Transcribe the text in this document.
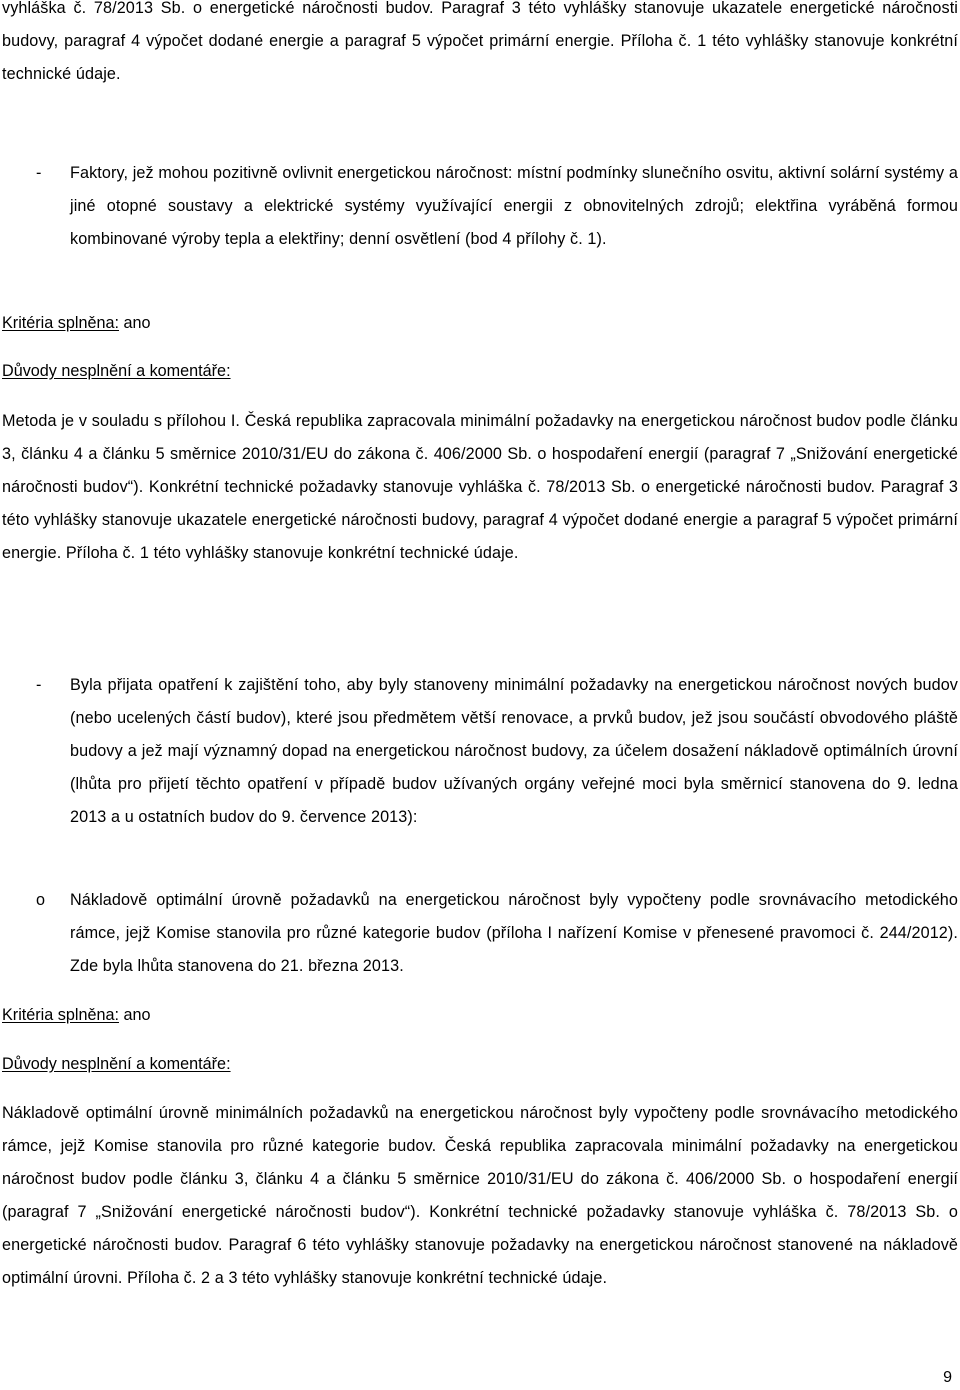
vyhláška č. 78/2013 Sb. o energetické náročnosti budov. Paragraf 3 této vyhlášky stanovuje ukazatele energetické náročnosti budovy, paragraf 4 výpočet dodané energie a paragraf 5 výpočet primární energie. Příloha č. 1 této vyhlášky stanovuje konkrétní technické údaje.

- Faktory, jež mohou pozitivně ovlivnit energetickou náročnost: místní podmínky slunečního osvitu, aktivní solární systémy a jiné otopné soustavy a elektrické systémy využívající energii z obnovitelných zdrojů; elektřina vyráběná formou kombinované výroby tepla a elektřiny; denní osvětlení (bod 4 přílohy č. 1).

Kritéria splněna: ano

Důvody nesplnění a komentáře:

Metoda je v souladu s přílohou I. Česká republika zapracovala minimální požadavky na energetickou náročnost budov podle článku 3, článku 4 a článku 5 směrnice 2010/31/EU do zákona č. 406/2000 Sb. o hospodaření energií (paragraf 7 „Snižování energetické náročnosti budov“). Konkrétní technické požadavky stanovuje vyhláška č. 78/2013 Sb. o energetické náročnosti budov. Paragraf 3 této vyhlášky stanovuje ukazatele energetické náročnosti budovy, paragraf 4 výpočet dodané energie a paragraf 5 výpočet primární energie. Příloha č. 1 této vyhlášky stanovuje konkrétní technické údaje.

- Byla přijata opatření k zajištění toho, aby byly stanoveny minimální požadavky na energetickou náročnost nových budov (nebo ucelených částí budov), které jsou předmětem větší renovace, a prvků budov, jež jsou součástí obvodového pláště budovy a jež mají významný dopad na energetickou náročnost budovy, za účelem dosažení nákladově optimálních úrovní (lhůta pro přijetí těchto opatření v případě budov užívaných orgány veřejné moci byla směrnicí stanovena do 9. ledna 2013 a u ostatních budov do 9. července 2013):
o Nákladově optimální úrovně požadavků na energetickou náročnost byly vypočteny podle srovnávacího metodického rámce, jejž Komise stanovila pro různé kategorie budov (příloha I nařízení Komise v přenesené pravomoci č. 244/2012). Zde byla lhůta stanovena do 21. března 2013.

Kritéria splněna: ano

Důvody nesplnění a komentáře:

Nákladově optimální úrovně minimálních požadavků na energetickou náročnost byly vypočteny podle srovnávacího metodického rámce, jejž Komise stanovila pro různé kategorie budov. Česká republika zapracovala minimální požadavky na energetickou náročnost budov podle článku 3, článku 4 a článku 5 směrnice 2010/31/EU do zákona č. 406/2000 Sb. o hospodaření energií (paragraf 7 „Snižování energetické náročnosti budov“). Konkrétní technické požadavky stanovuje vyhláška č. 78/2013 Sb. o energetické náročnosti budov. Paragraf 6 této vyhlášky stanovuje požadavky na energetickou náročnost stanovené na nákladově optimální úrovni. Příloha č. 2 a 3 této vyhlášky stanovuje konkrétní technické údaje.

9
